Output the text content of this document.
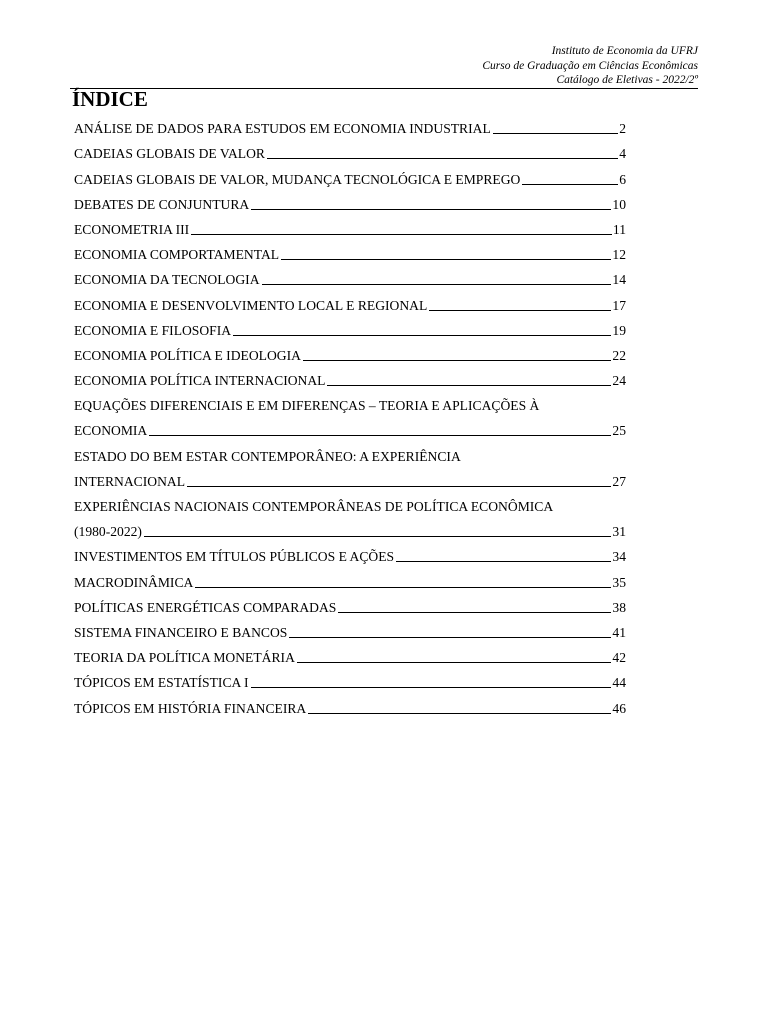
Instituto de Economia da UFRJ
Curso de Graduação em Ciências Econômicas
Catálogo de Eletivas - 2022/2º
ÍNDICE
ANÁLISE DE DADOS PARA ESTUDOS EM ECONOMIA INDUSTRIAL	2
CADEIAS GLOBAIS DE VALOR	4
CADEIAS GLOBAIS DE VALOR, MUDANÇA TECNOLÓGICA E EMPREGO	6
DEBATES DE CONJUNTURA	10
ECONOMETRIA III	11
ECONOMIA COMPORTAMENTAL	12
ECONOMIA DA TECNOLOGIA	14
ECONOMIA E DESENVOLVIMENTO LOCAL E REGIONAL	17
ECONOMIA E FILOSOFIA	19
ECONOMIA POLÍTICA E IDEOLOGIA	22
ECONOMIA POLÍTICA INTERNACIONAL	24
EQUAÇÕES DIFERENCIAIS E EM DIFERENÇAS – TEORIA E APLICAÇÕES À
ECONOMIA	25
ESTADO DO BEM ESTAR CONTEMPORÂNEO: A EXPERIÊNCIA
INTERNACIONAL	27
EXPERIÊNCIAS NACIONAIS CONTEMPORÂNEAS DE POLÍTICA ECONÔMICA
(1980-2022)	31
INVESTIMENTOS EM TÍTULOS PÚBLICOS E AÇÕES	34
MACRODINÂMICA	35
POLÍTICAS ENERGÉTICAS COMPARADAS	38
SISTEMA FINANCEIRO E BANCOS	41
TEORIA DA POLÍTICA MONETÁRIA	42
TÓPICOS EM ESTATÍSTICA I	44
TÓPICOS EM HISTÓRIA FINANCEIRA	46
